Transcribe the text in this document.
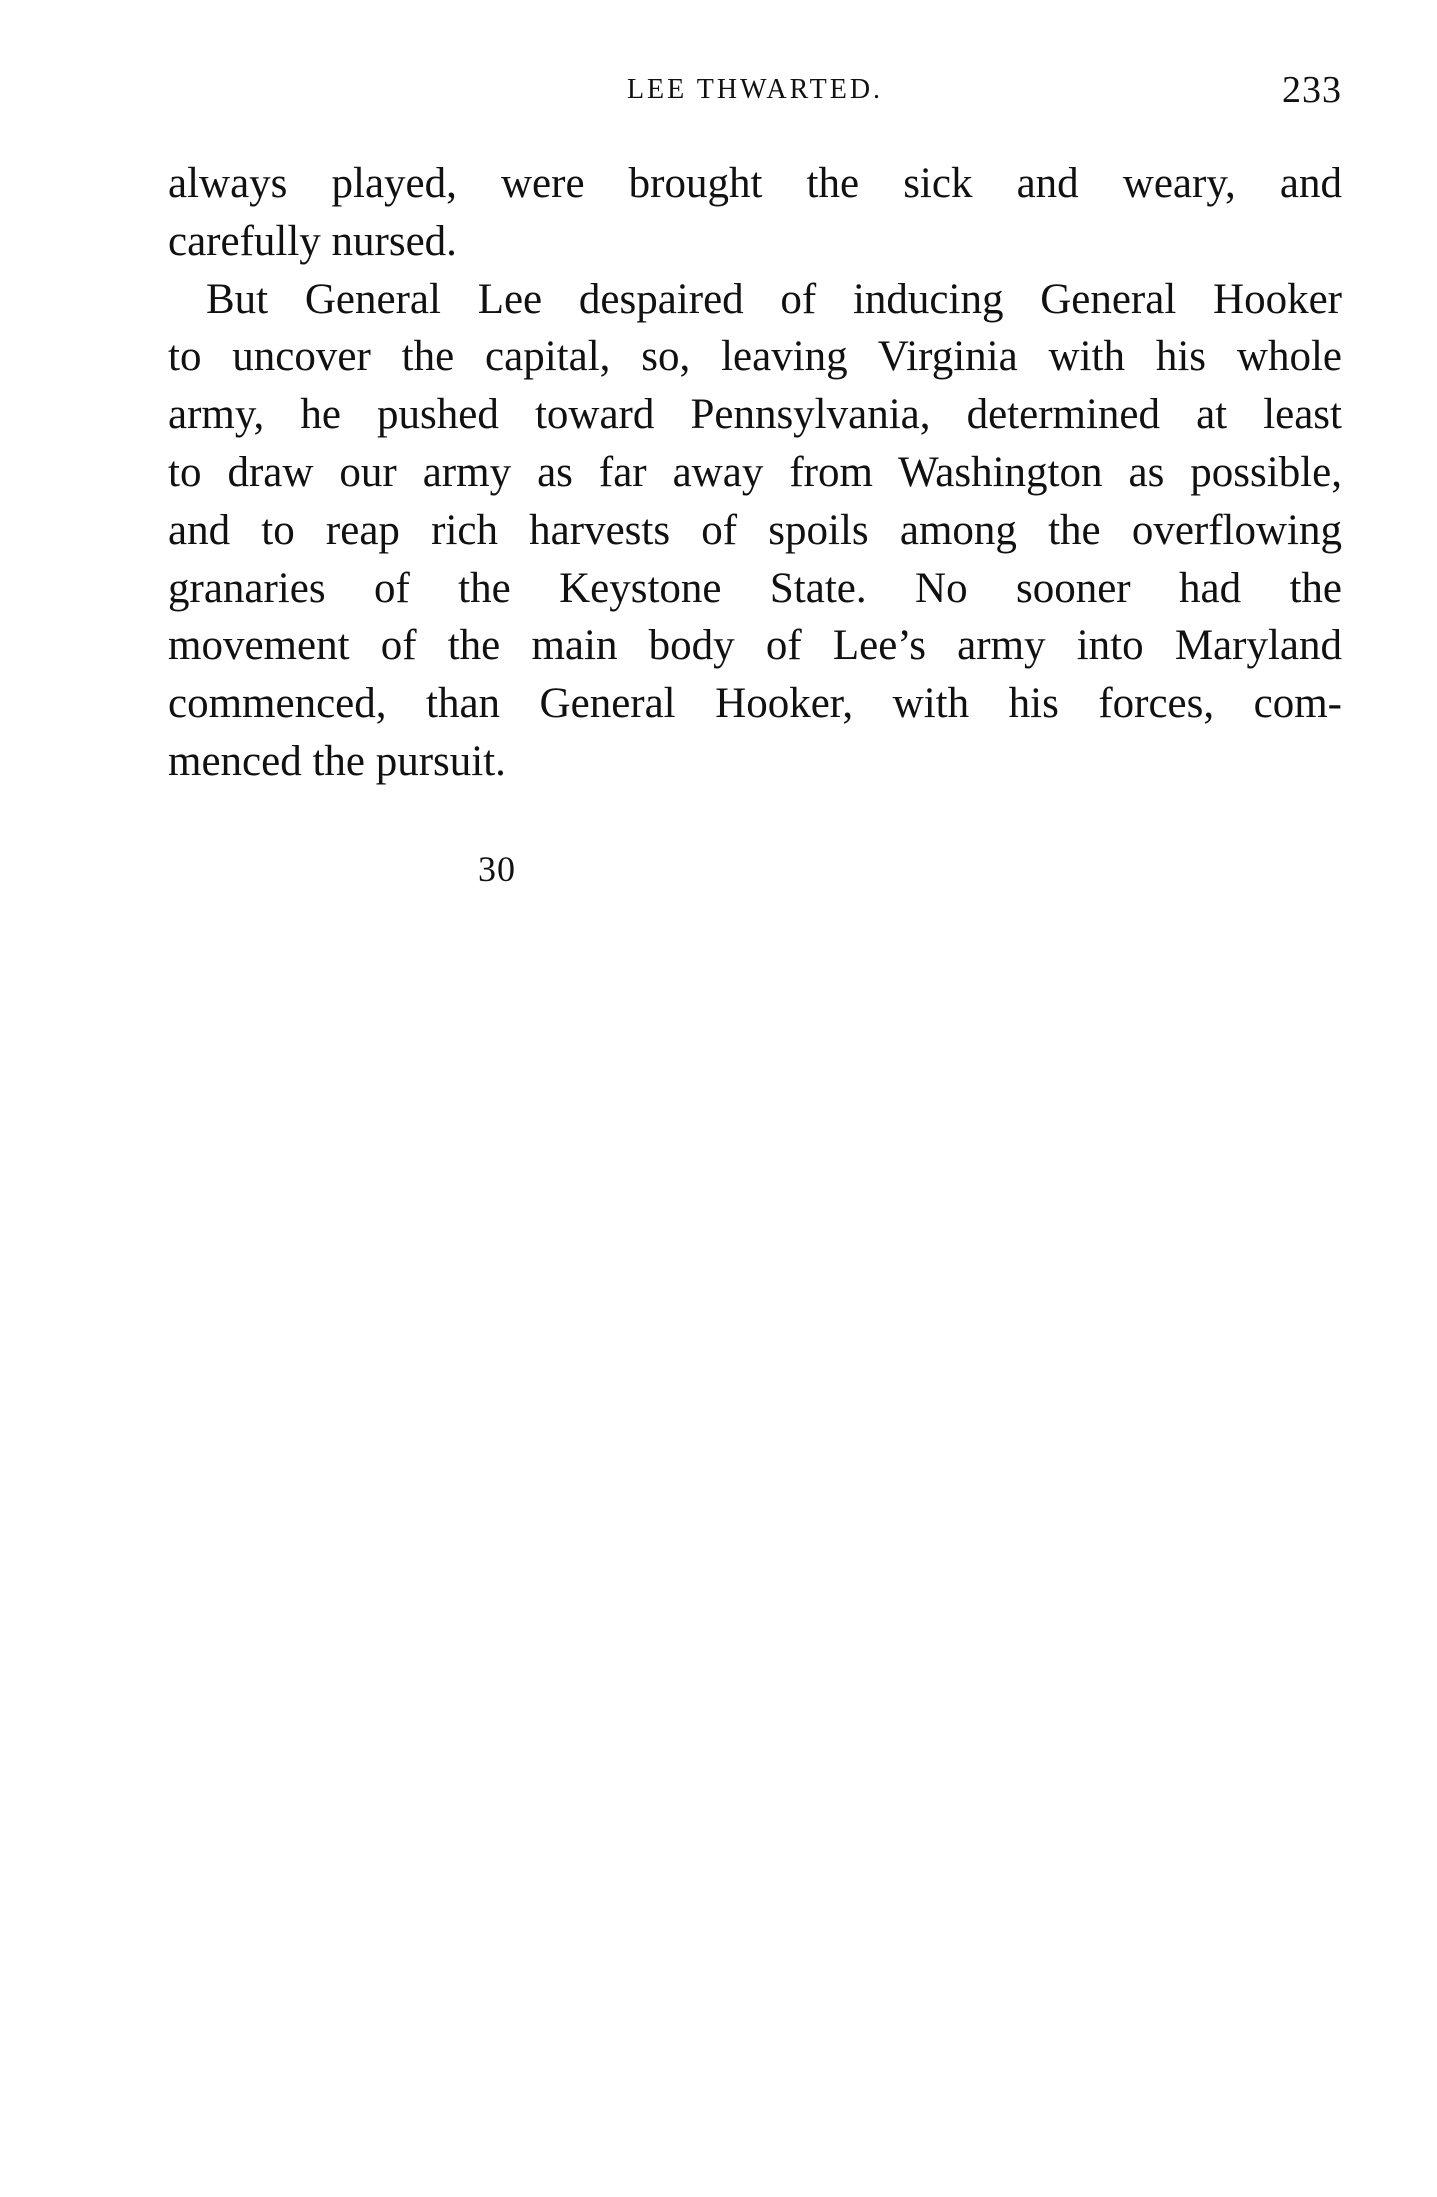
LEE THWARTED.	233
always played, were brought the sick and weary, and
carefully nursed.
But General Lee despaired of inducing General Hooker
to uncover the capital, so, leaving Virginia with his whole
army, he pushed toward Pennsylvania, determined at least
to draw our army as far away from Washington as possible,
and to reap rich harvests of spoils among the overflowing
granaries of the Keystone State. No sooner had the
movement of the main body of Lee’s army into Maryland
commenced, than General Hooker, with his forces, com-
menced the pursuit.
30
